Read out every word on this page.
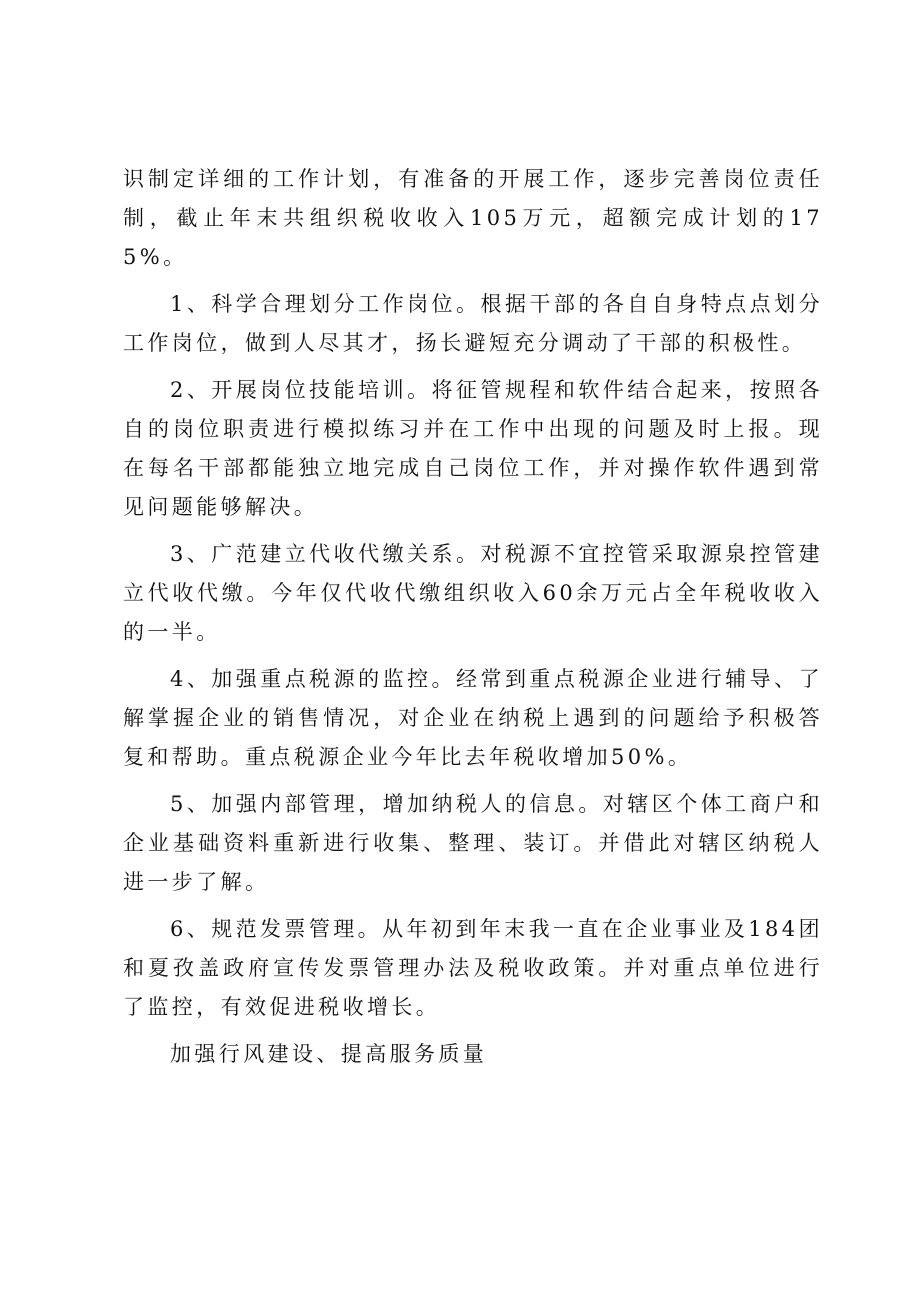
识制定详细的工作计划，有准备的开展工作，逐步完善岗位责任制，截止年末共组织税收收入105万元，超额完成计划的175%。

1、科学合理划分工作岗位。根据干部的各自自身特点点划分工作岗位，做到人尽其才，扬长避短充分调动了干部的积极性。

2、开展岗位技能培训。将征管规程和软件结合起来，按照各自的岗位职责进行模拟练习并在工作中出现的问题及时上报。现在每名干部都能独立地完成自己岗位工作，并对操作软件遇到常见问题能够解决。

3、广范建立代收代缴关系。对税源不宜控管采取源泉控管建立代收代缴。今年仅代收代缴组织收入60余万元占全年税收收入的一半。

4、加强重点税源的监控。经常到重点税源企业进行辅导、了解掌握企业的销售情况，对企业在纳税上遇到的问题给予积极答复和帮助。重点税源企业今年比去年税收增加50%。

5、加强内部管理，增加纳税人的信息。对辖区个体工商户和企业基础资料重新进行收集、整理、装订。并借此对辖区纳税人进一步了解。

6、规范发票管理。从年初到年末我一直在企业事业及184团和夏孜盖政府宣传发票管理办法及税收政策。并对重点单位进行了监控，有效促进税收增长。

加强行风建设、提高服务质量
